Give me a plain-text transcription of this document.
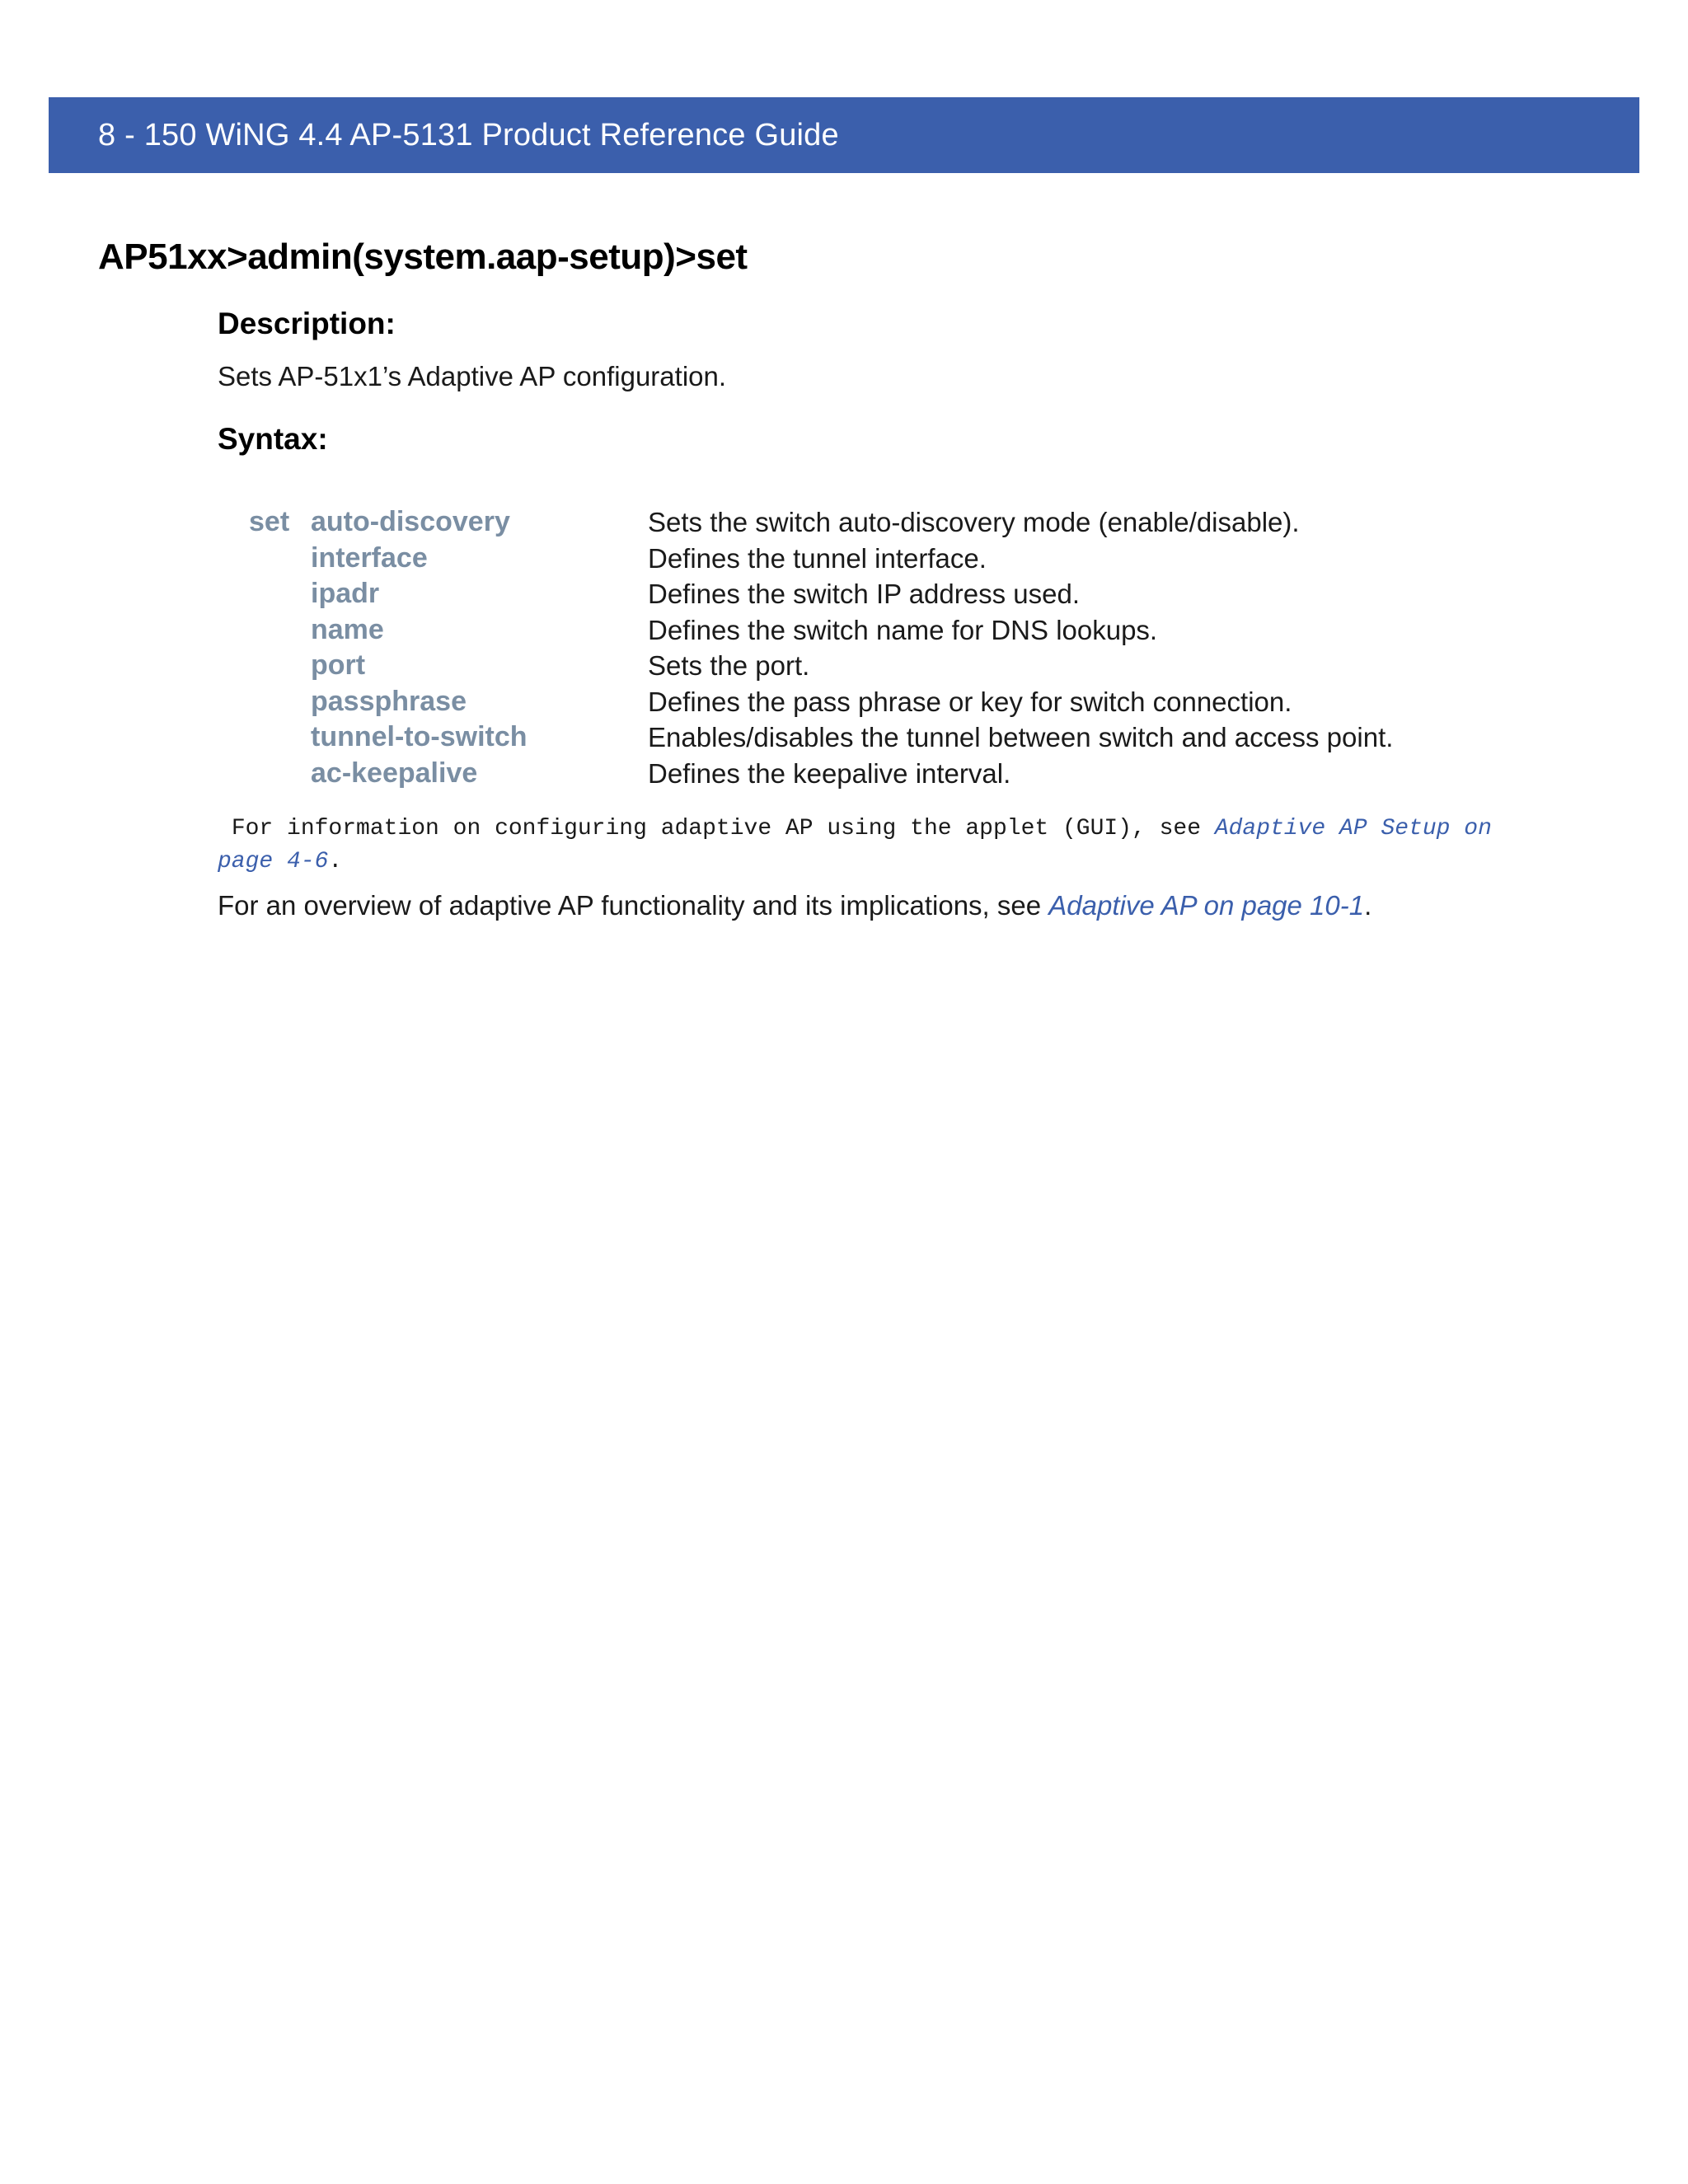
8 - 150 WiNG 4.4 AP-5131 Product Reference Guide
AP51xx>admin(system.aap-setup)>set
Description:
Sets AP-51x1’s Adaptive AP configuration.
Syntax:
set auto-discovery	Sets the switch auto-discovery mode (enable/disable).
interface	Defines the tunnel interface.
ipadr	Defines the switch IP address used.
name	Defines the switch name for DNS lookups.
port	Sets the port.
passphrase	Defines the pass phrase or key for switch connection.
tunnel-to-switch	Enables/disables the tunnel between switch and access point.
ac-keepalive	Defines the keepalive interval.
For information on configuring adaptive AP using the applet (GUI), see Adaptive AP Setup on page 4-6.
For an overview of adaptive AP functionality and its implications, see Adaptive AP on page 10-1.
